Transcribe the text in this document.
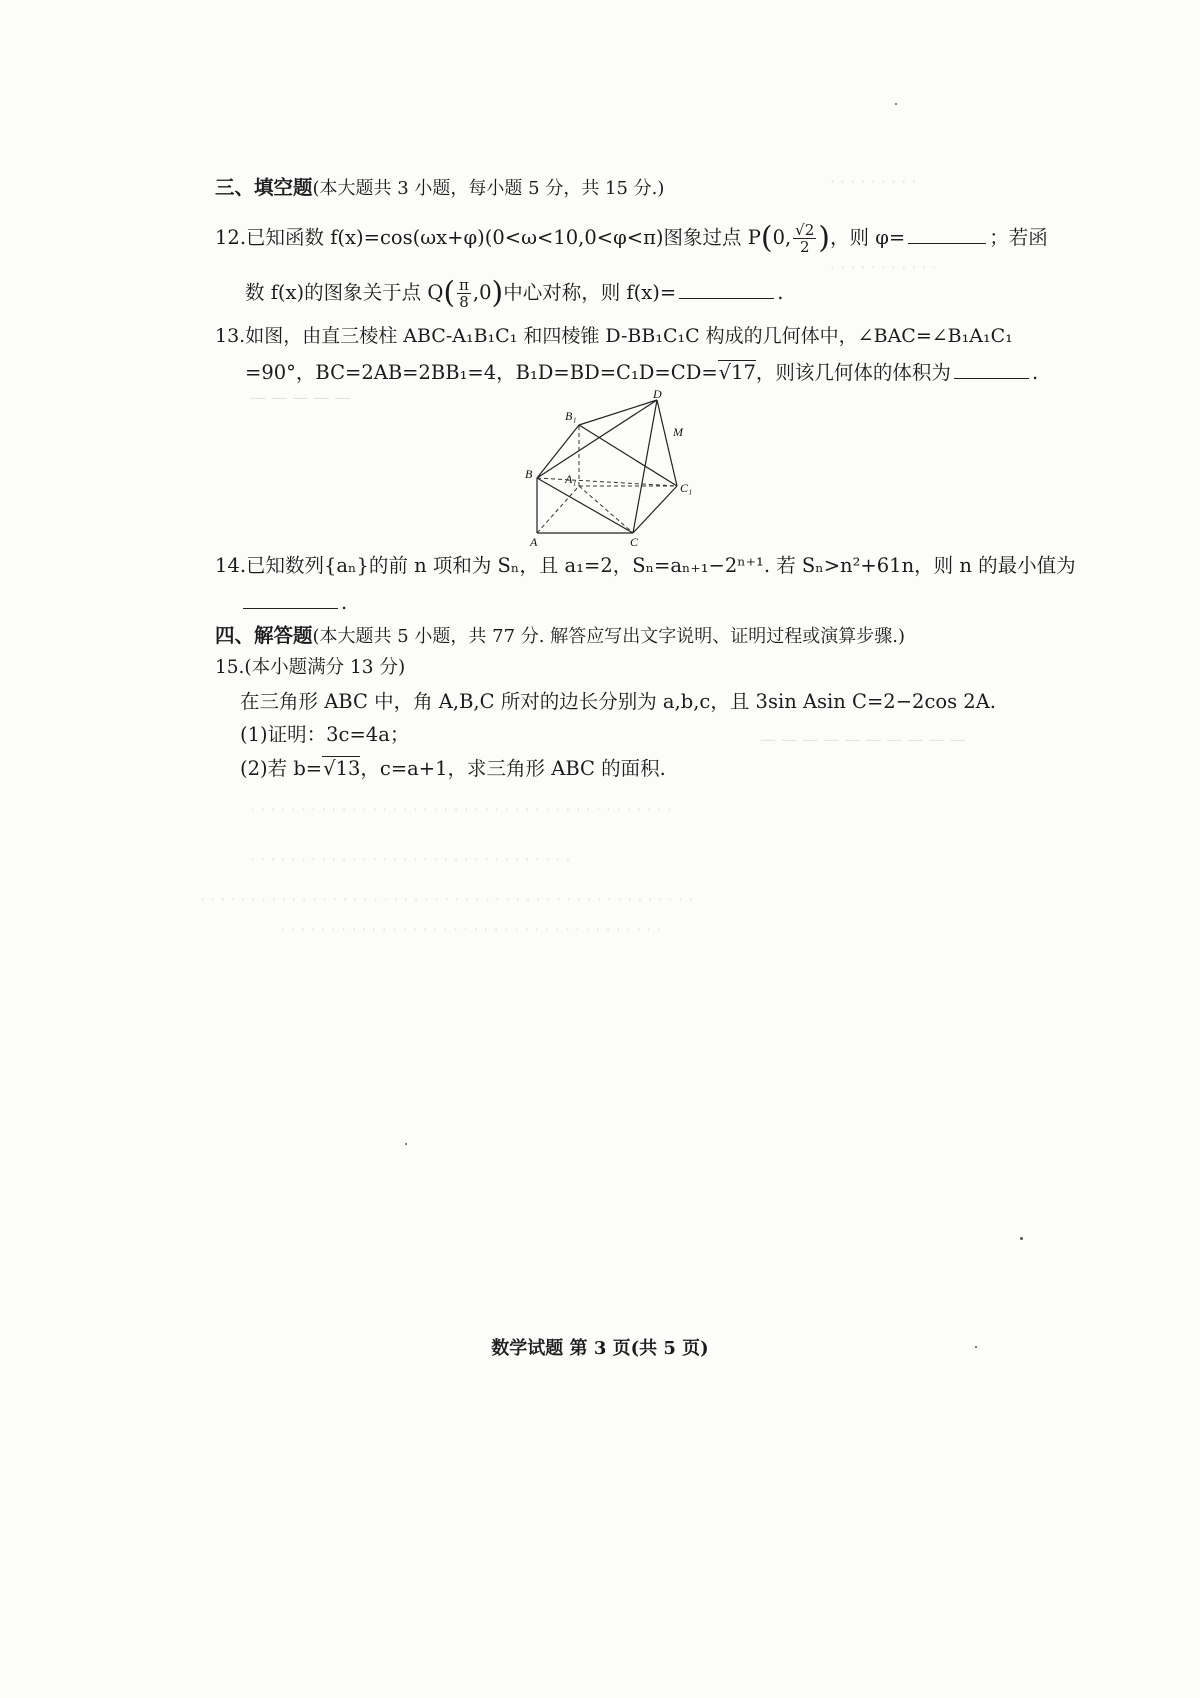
· · · · · · · · ·
· · · · · · · · · · ·
— — — — —
— — — — — — — — — —
· · · · · · · · · · · · · · · · · · · · · · · · · · · · · · · · · · · · · · · · · ·
· · · · · · · · · · · · · · · · · · · · · · · · · · · · · · · ·
· · · · · · · · · · · · · · · · · · · · · · · · · · · · · · · · · · · · · · · · · · · · · · · · ·
· · · · · · · · · · · · · · · · · · · · · · · · · · · · · · · · · · · · · ·
三、填空题(本大题共 3 小题，每小题 5 分，共 15 分.)
12.已知函数 f(x)=cos(ωx+φ)(0<ω<10,0<φ<π)图象过点 P(0, $\frac{√2}{2}$ )，则 φ=	；若函
数 f(x)的图象关于点 $Q( \frac{\pi}{8} ,0)$中心对称，则 f(x)=	.
13.如图，由直三棱柱 ABC-A₁B₁C₁ 和四棱锥 D-BB₁C₁C 构成的几何体中，∠BAC=∠B₁A₁C₁
=90°，BC=2AB=2BB₁=4，B₁D=BD=C₁D=CD=√17，则该几何体的体积为	.
D
B₁
M
B	A₁
C₁
A	C
14.已知数列{aₙ}的前 n 项和为 Sₙ，且 a₁=2，Sₙ=aₙ₊₁−2ⁿ⁺¹. 若 Sₙ>n²+61n，则 n 的最小值为
.
四、解答题(本大题共 5 小题，共 77 分. 解答应写出文字说明、证明过程或演算步骤.)
15.(本小题满分 13 分)
在三角形 ABC 中，角 A,B,C 所对的边长分别为 a,b,c，且 3sin Asin C=2−2cos 2A.
(1)证明：3c=4a；
(2)若 b=√13，c=a+1，求三角形 ABC 的面积.
数学试题 第 3 页(共 5 页)
